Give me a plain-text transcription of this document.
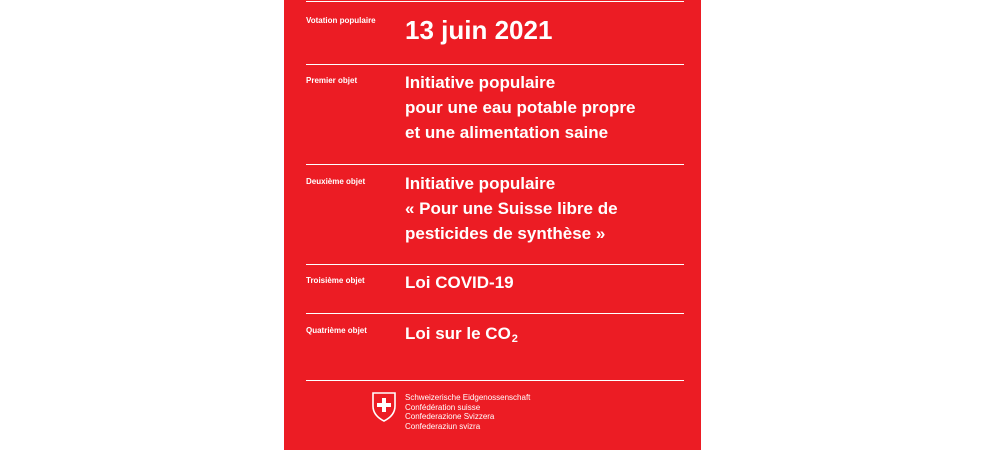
Votation populaire 13 juin 2021
Premier objet	Initiative populaire
pour une eau potable propre
et une alimentation saine
Deuxième objet Initiative populaire
« Pour une Suisse libre de
pesticides de synthèse »
Troisième objet Loi COVID-19
Quatrième objet Loi sur le $CO_2$
Schweizerische Eidgenossenschaft
Confédération suisse
Confederazione Svizzera
Confederaziun svizra
